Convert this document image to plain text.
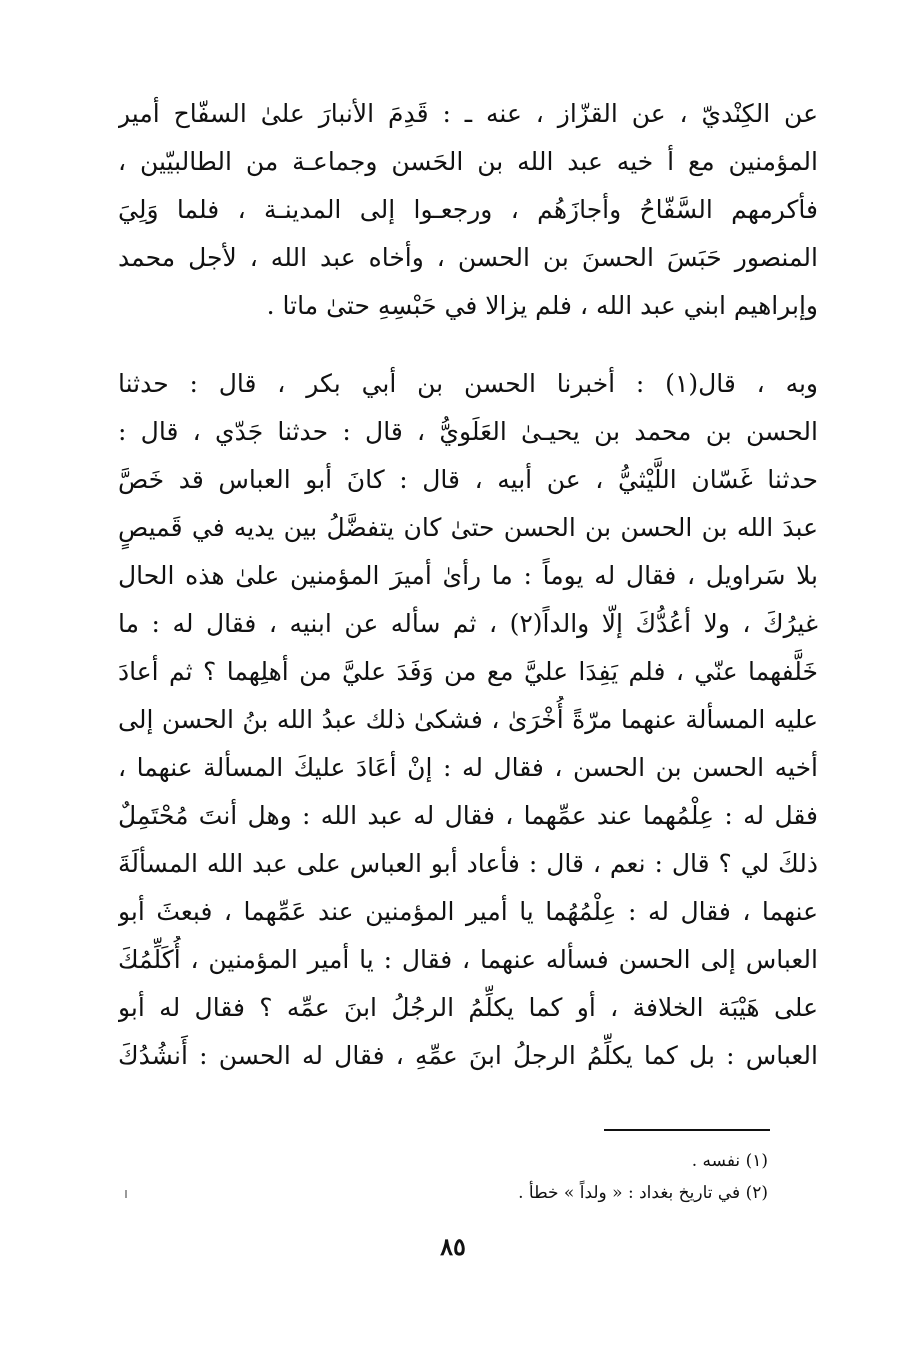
عن الكِنْديّ ، عن القزّاز ، عنه ـ : قَدِمَ الأنبارَ علىٰ السفّاح أمير
المؤمنين مع أ خيه عبد الله بن الحَسن وجماعـة من الطالبيّين ،
فأكرمهم السَّفّاحُ وأجازَهُم ، ورجعـوا إلى المدينـة ، فلما وَلِيَ
المنصور حَبَسَ الحسنَ بن الحسن ، وأخاه عبد الله ، لأجل محمد
وإبراهيم ابني عبد الله ، فلم يزالا في حَبْسِهِ حتىٰ ماتا .
وبه ، قال(١) : أخبرنا الحسن بن أبي بكر ، قال : حدثنا
الحسن بن محمد بن يحيـىٰ العَلَويُّ ، قال : حدثنا جَدّي ، قال :
حدثنا غَسّان اللَّيْثيُّ ، عن أبيه ، قال : كانَ أبو العباس قد خَصَّ
عبدَ الله بن الحسن بن الحسن حتىٰ كان يتفضَّلُ بين يديه في قَميصٍ
بلا سَراويل ، فقال له يوماً : ما رأىٰ أميرَ المؤمنين علىٰ هذه الحال
غيرُكَ ، ولا أعُدُّكَ إلّا والداً(٢) ، ثم سأله عن ابنيه ، فقال له : ما
خَلَّفهما عنّي ، فلم يَفِدَا عليَّ مع من وَفَدَ عليَّ من أهلِهما ؟ ثم أعادَ
عليه المسألة عنهما مرّةً أُخْرَىٰ ، فشكىٰ ذلك عبدُ الله بنُ الحسن إلى
أخيه الحسن بن الحسن ، فقال له : إنْ أعَادَ عليكَ المسألة عنهما ،
فقل له : عِلْمُهما عند عمِّهما ، فقال له عبد الله : وهل أنتَ مُحْتَمِلٌ
ذلكَ لي ؟ قال : نعم ، قال : فأعاد أبو العباس على عبد الله المسألَةَ
عنهما ، فقال له : عِلْمُهُما يا أمير المؤمنين عند عَمِّهما ، فبعثَ أبو
العباس إلى الحسن فسأله عنهما ، فقال : يا أمير المؤمنين ، أُكَلِّمُكَ
على هَيْبَة الخلافة ، أو كما يكلِّمُ الرجُلُ ابنَ عمِّه ؟ فقال له أبو
العباس : بل كما يكلِّمُ الرجلُ ابنَ عمِّهِ ، فقال له الحسن : أَنشُدُكَ
(١) نفسه .
(٢) في تاريخ بغداد : « ولداً » خطأ .
٨٥
